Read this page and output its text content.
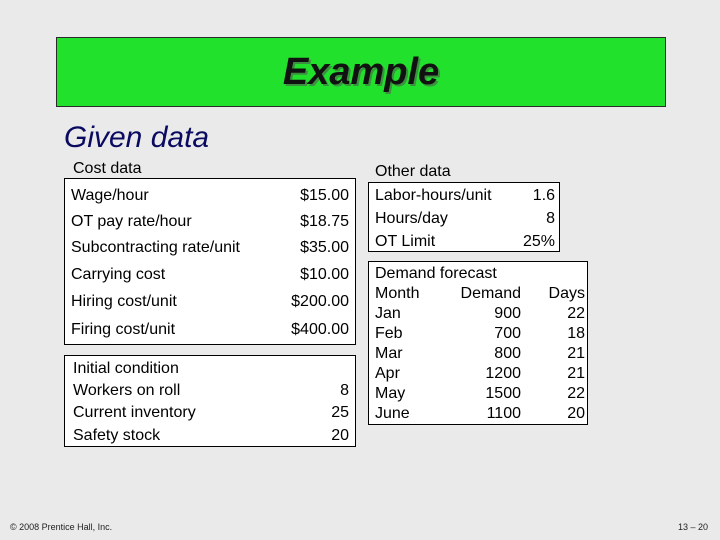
Example
Given data
Cost data	Other data
Wage/hour	$15.00
OT pay rate/hour	$18.75
Subcontracting rate/unit	$35.00
Carrying cost	$10.00
Hiring cost/unit	$200.00
Firing cost/unit	$400.00
Initial condition
Workers on roll	8
Current inventory	25
Safety stock	20
Labor-hours/unit	1.6
Hours/day	8
OT Limit	25%
Demand forecast
Month	Demand Days
Jan	900	22
Feb	700	18
Mar	800	21
Apr	1200	21
May	1500	22
June	1100	20
© 2008 Prentice Hall, Inc.	13 – 20
